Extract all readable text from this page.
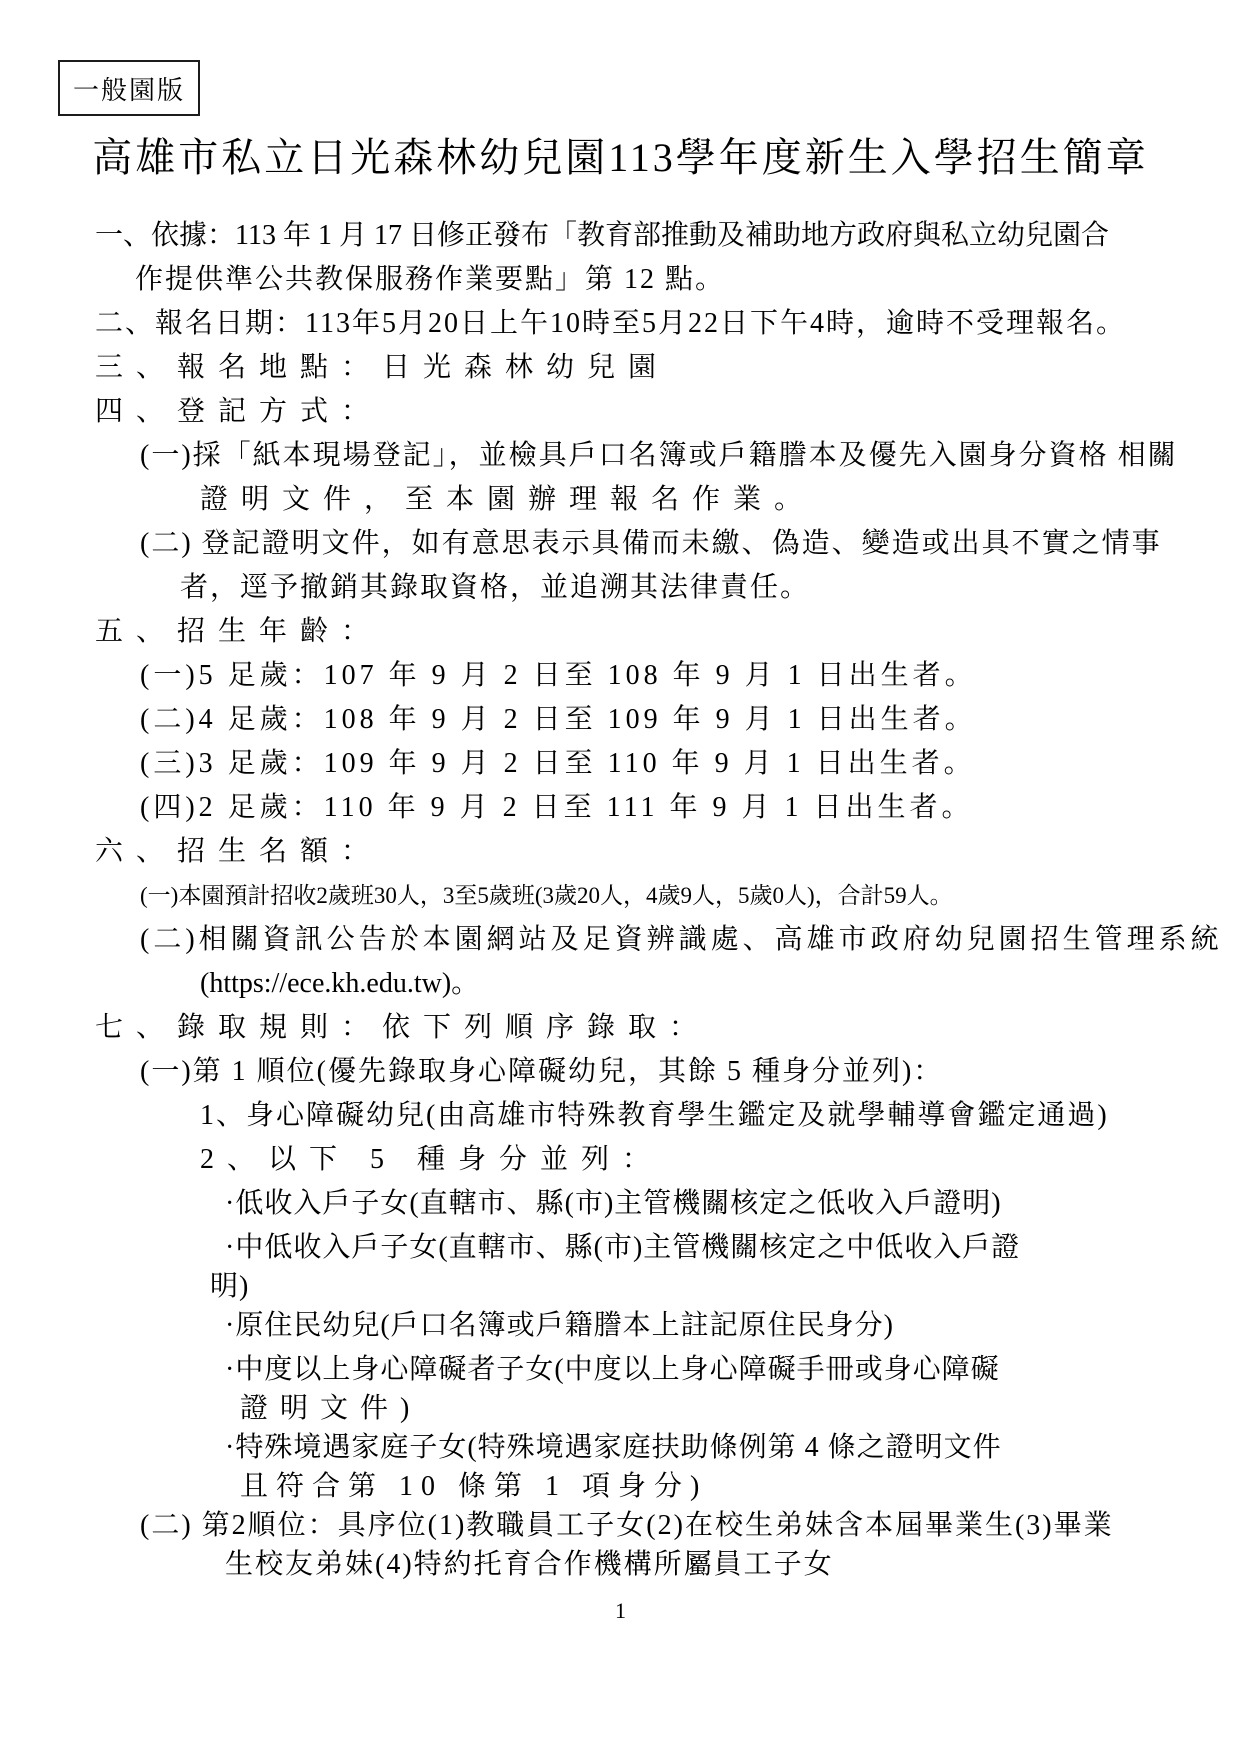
一般園版
高雄市私立日光森林幼兒園113學年度新生入學招生簡章
一、依據：113 年 1 月 17 日修正發布「教育部推動及補助地方政府與私立幼兒園合
作提供準公共教保服務作業要點」第 12 點。
二、報名日期：113年5月20日上午10時至5月22日下午4時，逾時不受理報名。
三、報名地點：日光森林幼兒園
四、登記方式：
(一)採「紙本現場登記」，並檢具戶口名簿或戶籍謄本及優先入園身分資格 相關
證明文件，至本園辦理報名作業。
(二) 登記證明文件，如有意思表示具備而未繳、偽造、變造或出具不實之情事
者，逕予撤銷其錄取資格，並追溯其法律責任。
五、招生年齡：
(一)5 足歲：107 年 9 月 2 日至 108 年 9 月 1 日出生者。
(二)4 足歲：108 年 9 月 2 日至 109 年 9 月 1 日出生者。
(三)3 足歲：109 年 9 月 2 日至 110 年 9 月 1 日出生者。
(四)2 足歲：110 年 9 月 2 日至 111 年 9 月 1 日出生者。
六、招生名額：
(一)本園預計招收2歲班30人，3至5歲班(3歲20人，4歲9人，5歲0人)，合計59人。
(二)相關資訊公告於本園網站及足資辨識處、高雄市政府幼兒園招生管理系統
(https://ece.kh.edu.tw)。
七、錄取規則：依下列順序錄取：
(一)第 1 順位(優先錄取身心障礙幼兒，其餘 5 種身分並列)：
1、身心障礙幼兒(由高雄市特殊教育學生鑑定及就學輔導會鑑定通過)
2、以下 5 種身分並列：
·低收入戶子女(直轄市、縣(市)主管機關核定之低收入戶證明)
·中低收入戶子女(直轄市、縣(市)主管機關核定之中低收入戶證
明)
·原住民幼兒(戶口名簿或戶籍謄本上註記原住民身分)
·中度以上身心障礙者子女(中度以上身心障礙手冊或身心障礙
證明文件)
·特殊境遇家庭子女(特殊境遇家庭扶助條例第 4 條之證明文件
且符合第 10 條第 1 項身分)
(二) 第2順位：具序位(1)教職員工子女(2)在校生弟妹含本屆畢業生(3)畢業
生校友弟妹(4)特約托育合作機構所屬員工子女
1
